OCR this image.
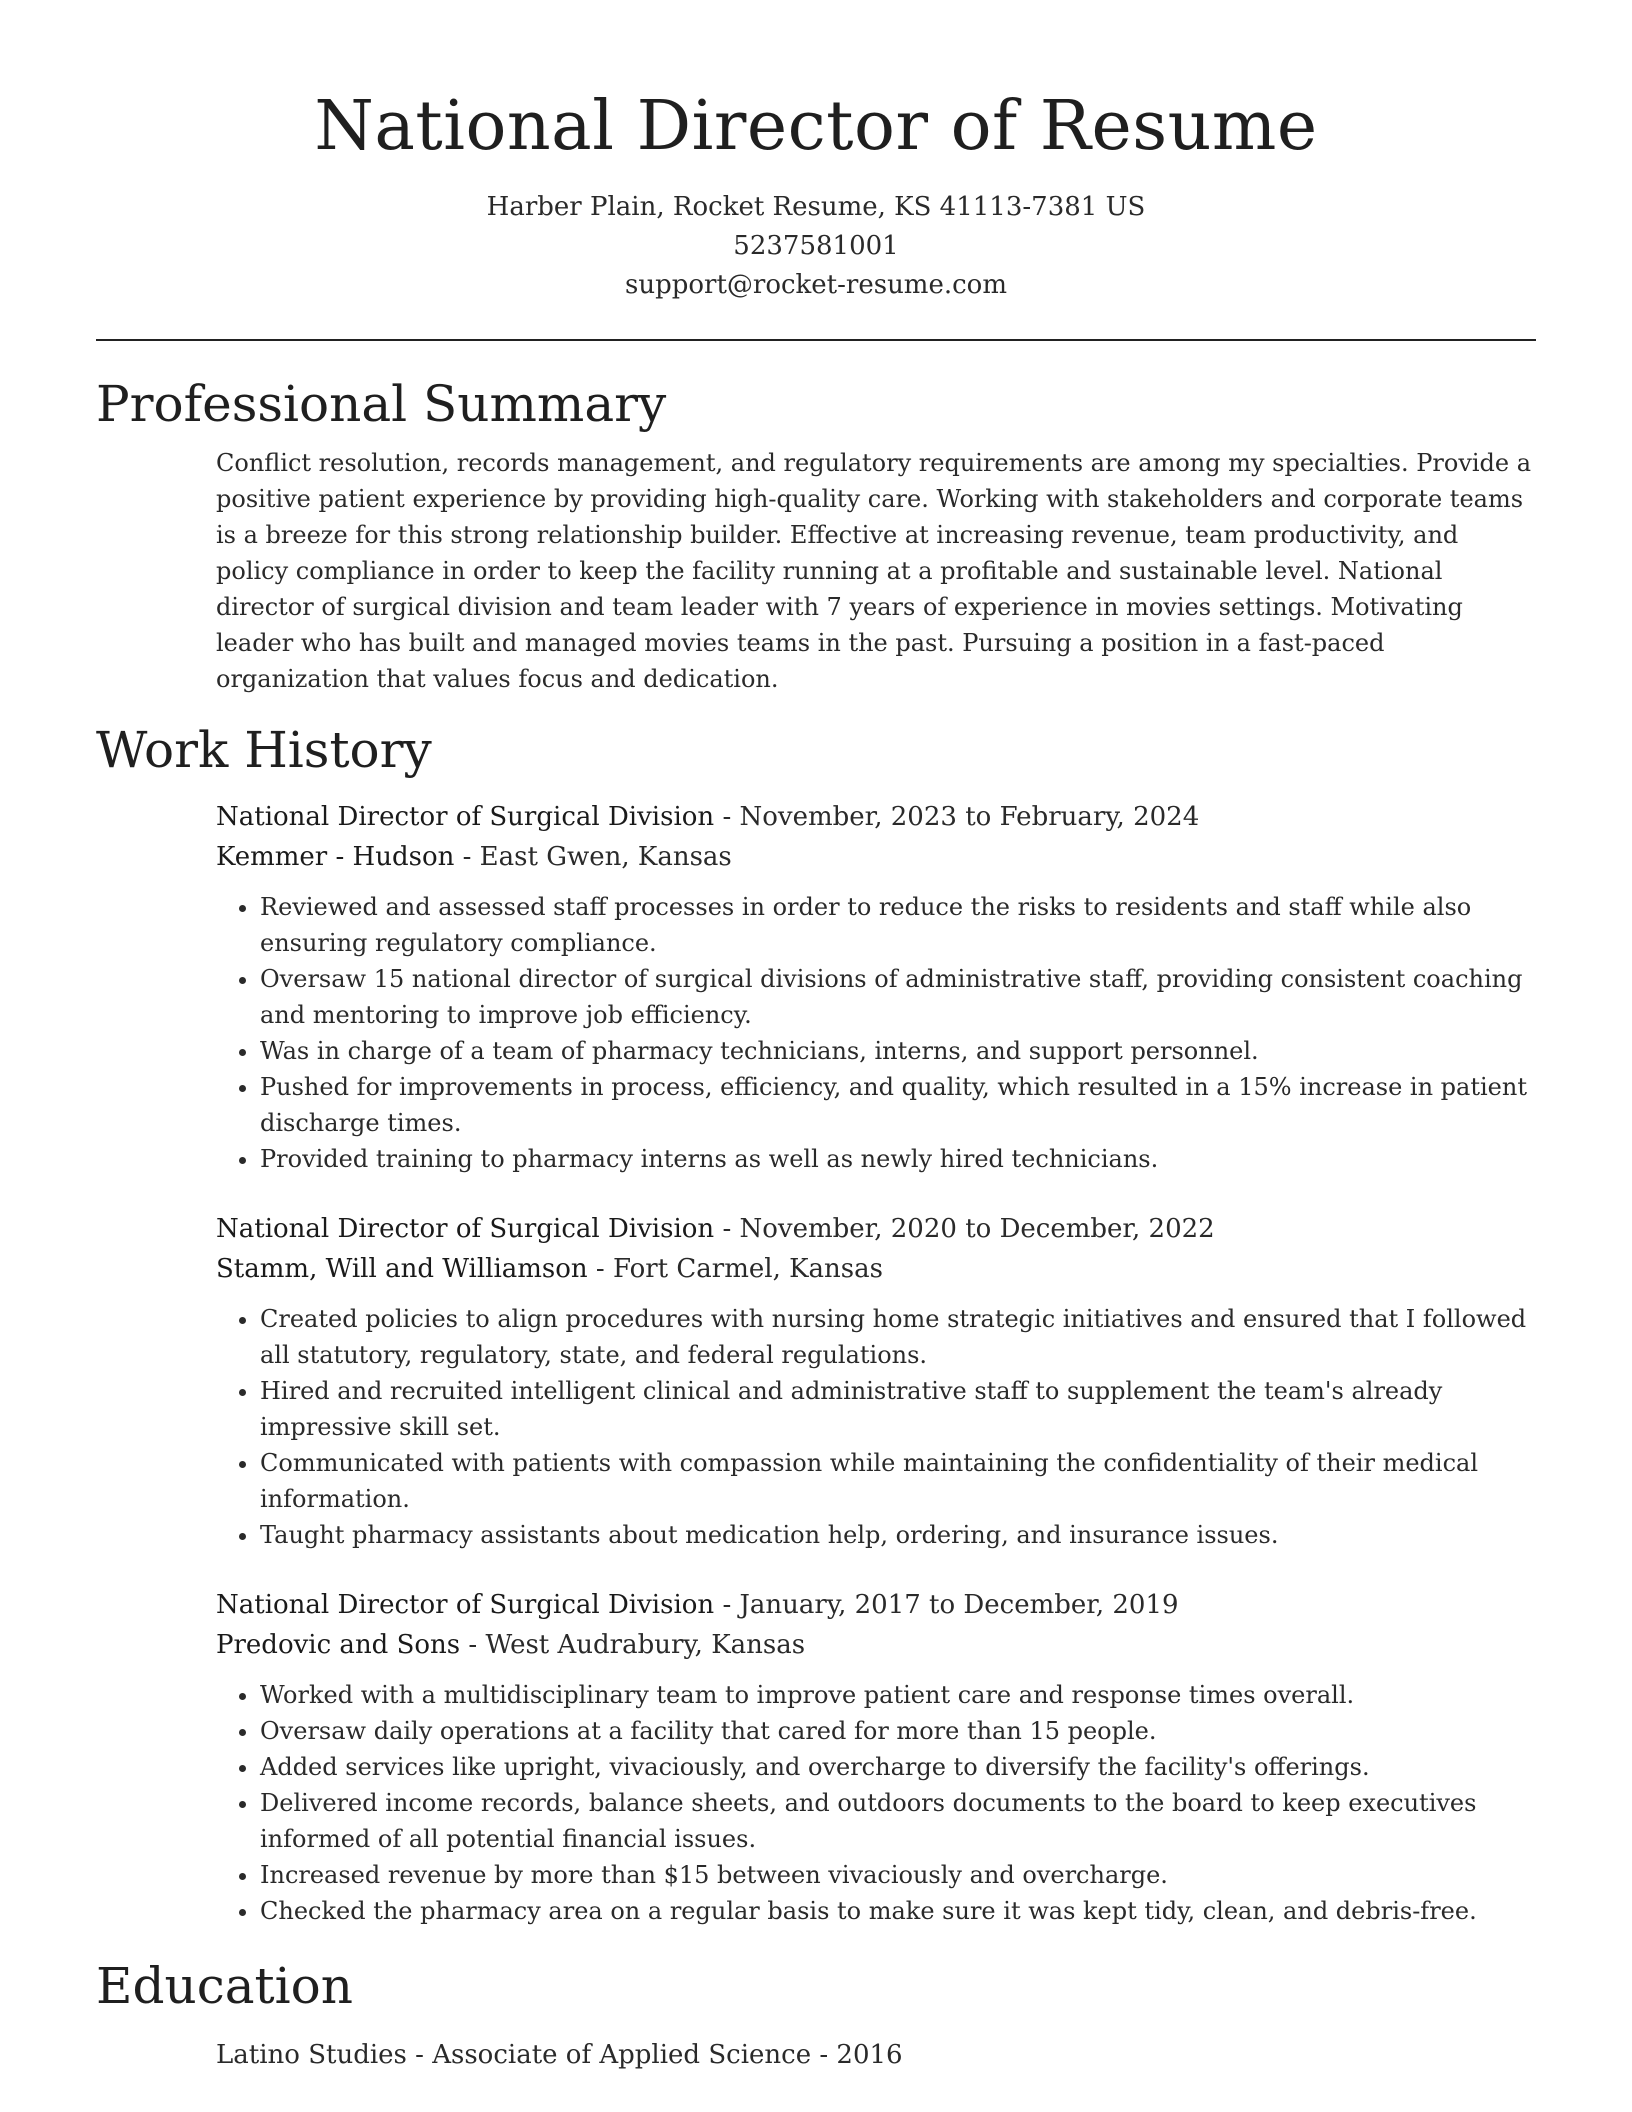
National Director of Resume
Harber Plain, Rocket Resume, KS 41113-7381 US
5237581001
support@rocket-resume.com
Professional Summary
Conflict resolution, records management, and regulatory requirements are among my specialties. Provide a positive patient experience by providing high-quality care. Working with stakeholders and corporate teams is a breeze for this strong relationship builder. Effective at increasing revenue, team productivity, and policy compliance in order to keep the facility running at a profitable and sustainable level. National director of surgical division and team leader with 7 years of experience in movies settings. Motivating leader who has built and managed movies teams in the past. Pursuing a position in a fast-paced organization that values focus and dedication.
Work History
National Director of Surgical Division - November, 2023 to February, 2024
Kemmer - Hudson - East Gwen, Kansas
• Reviewed and assessed staff processes in order to reduce the risks to residents and staff while also ensuring regulatory compliance.
• Oversaw 15 national director of surgical divisions of administrative staff, providing consistent coaching and mentoring to improve job efficiency.
• Was in charge of a team of pharmacy technicians, interns, and support personnel.
• Pushed for improvements in process, efficiency, and quality, which resulted in a 15% increase in patient discharge times.
• Provided training to pharmacy interns as well as newly hired technicians.
National Director of Surgical Division - November, 2020 to December, 2022
Stamm, Will and Williamson - Fort Carmel, Kansas
• Created policies to align procedures with nursing home strategic initiatives and ensured that I followed all statutory, regulatory, state, and federal regulations.
• Hired and recruited intelligent clinical and administrative staff to supplement the team's already impressive skill set.
• Communicated with patients with compassion while maintaining the confidentiality of their medical information.
• Taught pharmacy assistants about medication help, ordering, and insurance issues.
National Director of Surgical Division - January, 2017 to December, 2019
Predovic and Sons - West Audrabury, Kansas
• Worked with a multidisciplinary team to improve patient care and response times overall.
• Oversaw daily operations at a facility that cared for more than 15 people.
• Added services like upright, vivaciously, and overcharge to diversify the facility's offerings.
• Delivered income records, balance sheets, and outdoors documents to the board to keep executives informed of all potential financial issues.
• Increased revenue by more than $15 between vivaciously and overcharge.
• Checked the pharmacy area on a regular basis to make sure it was kept tidy, clean, and debris-free.
Education
Latino Studies - Associate of Applied Science - 2016
